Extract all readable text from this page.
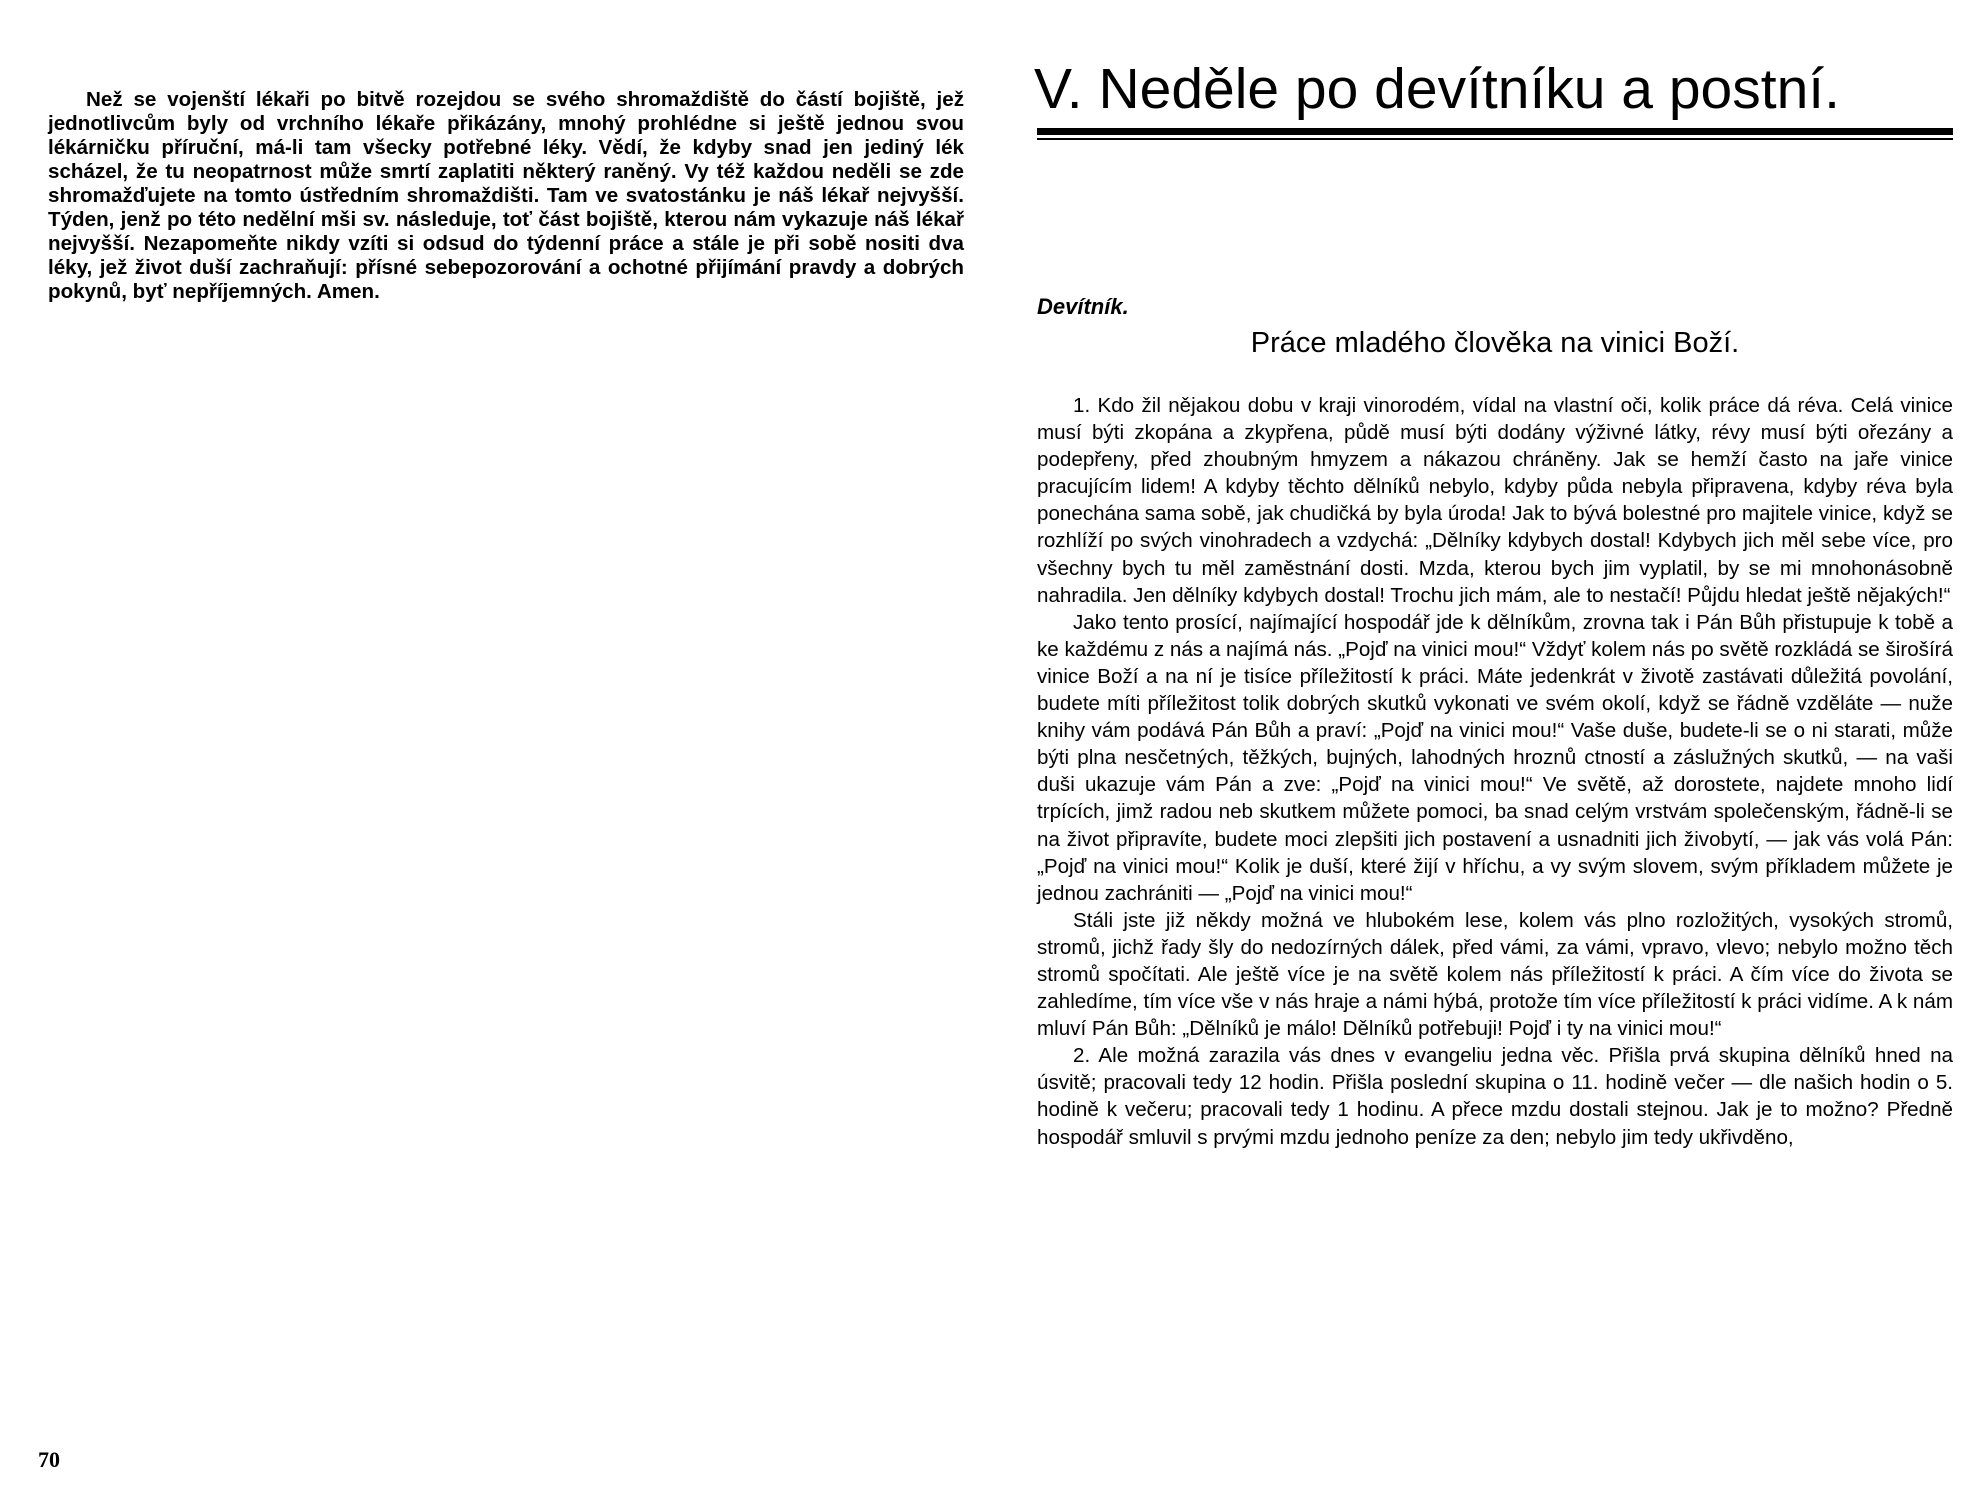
Než se vojenští lékaři po bitvě rozejdou se svého shromaždiště do částí bojiště, jež jednotlivcům byly od vrchního lékaře přikázány, mnohý prohlédne si ještě jednou svou lékárničku příruční, má-li tam všecky potřebné léky. Vědí, že kdyby snad jen jediný lék scházel, že tu neopatrnost může smrtí zaplatiti některý raněný. Vy též každou neděli se zde shromažďujete na tomto ústředním shromaždišti. Tam ve svatostánku je náš lékař nejvyšší. Týden, jenž po této nedělní mši sv. následuje, toť část bojiště, kterou nám vykazuje náš lékař nejvyšší. Nezapomeňte nikdy vzíti si odsud do týdenní práce a stále je při sobě nositi dva léky, jež život duší zachraňují: přísné sebepozorování a ochotné přijímání pravdy a dobrých pokynů, byť nepříjemných. Amen.

70
V. Neděle po devítníku a postní.
Devítník.
Práce mladého člověka na vinici Boží.

1. Kdo žil nějakou dobu v kraji vinorodém, vídal na vlastní oči, kolik práce dá réva. Celá vinice musí býti zkopána a zkypřena, půdě musí býti dodány výživné látky, révy musí býti ořezány a podepřeny, před zhoubným hmyzem a nákazou chráněny. Jak se hemží často na jaře vinice pracujícím lidem! A kdyby těchto dělníků nebylo, kdyby půda nebyla připravena, kdyby réva byla ponechána sama sobě, jak chudičká by byla úroda! Jak to bývá bolestné pro majitele vinice, když se rozhlíží po svých vinohradech a vzdychá: „Dělníky kdybych dostal! Kdybych jich měl sebe více, pro všechny bych tu měl zaměstnání dosti. Mzda, kterou bych jim vyplatil, by se mi mnohonásobně nahradila. Jen dělníky kdybych dostal! Trochu jich mám, ale to nestačí! Půjdu hledat ještě nějakých!“

Jako tento prosící, najímající hospodář jde k dělníkům, zrovna tak i Pán Bůh přistupuje k tobě a ke každému z nás a najímá nás. „Pojď na vinici mou!“ Vždyť kolem nás po světě rozkládá se širošírá vinice Boží a na ní je tisíce příležitostí k práci. Máte jedenkrát v životě zastávati důležitá povolání, budete míti příležitost tolik dobrých skutků vykonati ve svém okolí, když se řádně vzděláte — nuže knihy vám podává Pán Bůh a praví: „Pojď na vinici mou!“ Vaše duše, budete-li se o ni starati, může býti plna nesčetných, těžkých, bujných, lahodných hroznů ctností a záslužných skutků, — na vaši duši ukazuje vám Pán a zve: „Pojď na vinici mou!“ Ve světě, až dorostete, najdete mnoho lidí trpících, jimž radou neb skutkem můžete pomoci, ba snad celým vrstvám společenským, řádně-li se na život připravíte, budete moci zlepšiti jich postavení a usnadniti jich živobytí, — jak vás volá Pán: „Pojď na vinici mou!“ Kolik je duší, které žijí v hříchu, a vy svým slovem, svým příkladem můžete je jednou zachrániti — „Pojď na vinici mou!“

Stáli jste již někdy možná ve hlubokém lese, kolem vás plno rozložitých, vysokých stromů, stromů, jichž řady šly do nedozírných dálek, před vámi, za vámi, vpravo, vlevo; nebylo možno těch stromů spočítati. Ale ještě více je na světě kolem nás příležitostí k práci. A čím více do života se zahledíme, tím více vše v nás hraje a námi hýbá, protože tím více příležitostí k práci vidíme. A k nám mluví Pán Bůh: „Dělníků je málo! Dělníků potřebuji! Pojď i ty na vinici mou!“

2. Ale možná zarazila vás dnes v evangeliu jedna věc. Přišla prvá skupina dělníků hned na úsvitě; pracovali tedy 12 hodin. Přišla poslední skupina o 11. hodině večer — dle našich hodin o 5. hodině k večeru; pracovali tedy 1 hodinu. A přece mzdu dostali stejnou. Jak je to možno? Předně hospodář smluvil s prvými mzdu jednoho peníze za den; nebylo jim tedy ukřivděno,
